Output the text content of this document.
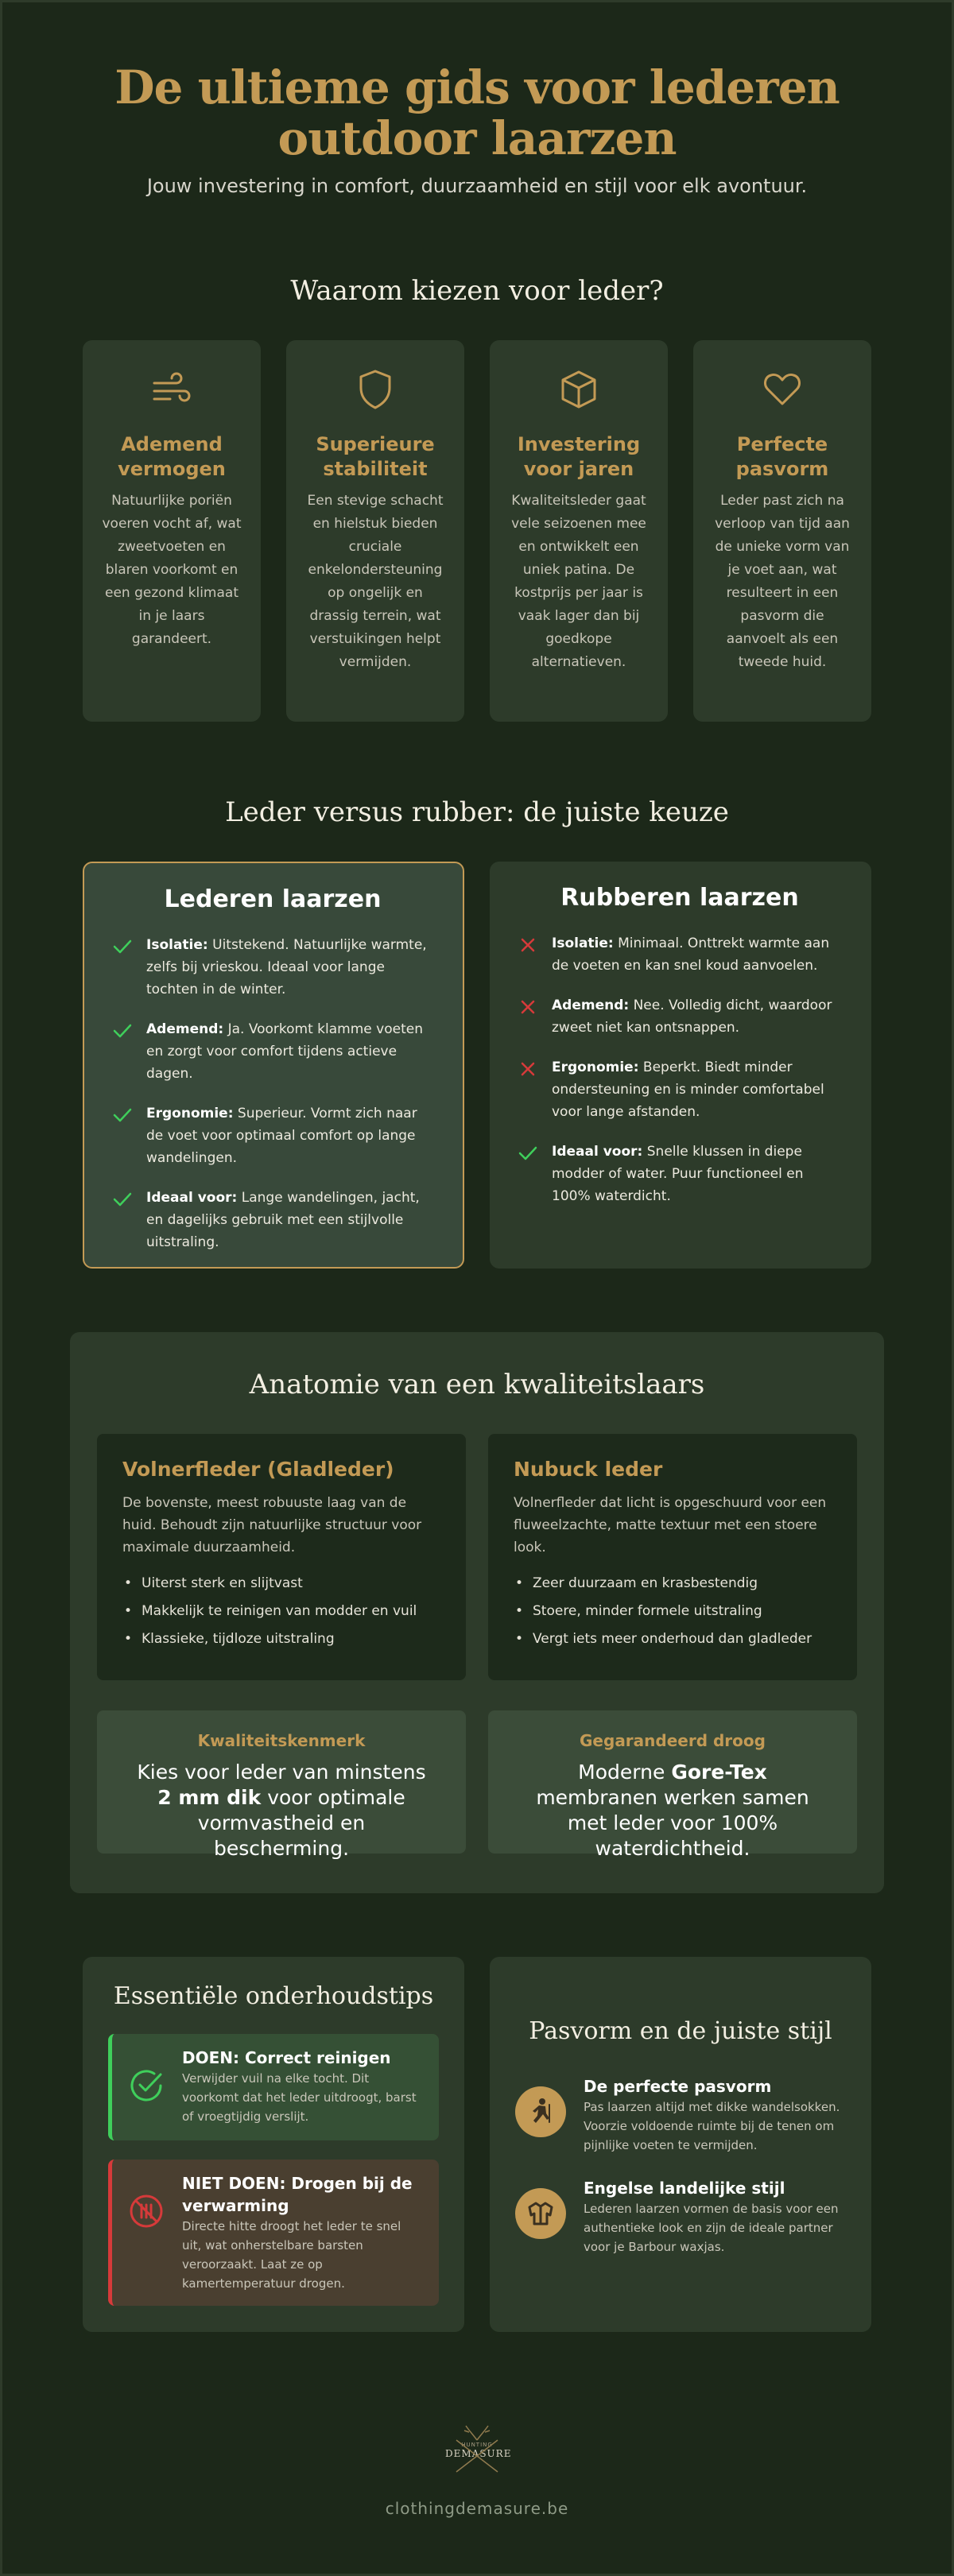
De ultieme gids voor lederen
outdoor laarzen

Jouw investering in comfort, duurzaamheid en stijl voor elk avontuur.

Waarom kiezen voor leder?
Ademend vermogen

Natuurlijke poriën voeren vocht af, wat zweetvoeten en blaren voorkomt en een gezond klimaat in je laars garandeert.

Superieure stabiliteit

Een stevige schacht en hielstuk bieden cruciale enkelondersteuning op ongelijk en drassig terrein, wat verstuikingen helpt vermijden.

Investering voor jaren

Kwaliteitsleder gaat vele seizoenen mee en ontwikkelt een uniek patina. De kostprijs per jaar is vaak lager dan bij goedkope alternatieven.

Perfecte pasvorm

Leder past zich na verloop van tijd aan de unieke vorm van je voet aan, wat resulteert in een pasvorm die aanvoelt als een tweede huid.

Leder versus rubber: de juiste keuze
Lederen laarzen
Isolatie: Uitstekend. Natuurlijke warmte, zelfs bij vrieskou. Ideaal voor lange tochten in de winter.
Ademend: Ja. Voorkomt klamme voeten en zorgt voor comfort tijdens actieve dagen.
Ergonomie: Superieur. Vormt zich naar de voet voor optimaal comfort op lange wandelingen.
Ideaal voor: Lange wandelingen, jacht, en dagelijks gebruik met een stijlvolle uitstraling.
Rubberen laarzen
Isolatie: Minimaal. Onttrekt warmte aan de voeten en kan snel koud aanvoelen.
Ademend: Nee. Volledig dicht, waardoor zweet niet kan ontsnappen.
Ergonomie: Beperkt. Biedt minder ondersteuning en is minder comfortabel voor lange afstanden.
Ideaal voor: Snelle klussen in diepe modder of water. Puur functioneel en 100% waterdicht.
Anatomie van een kwaliteitslaars
Volnerfleder (Gladleder)

De bovenste, meest robuuste laag van de huid. Behoudt zijn natuurlijke structuur voor maximale duurzaamheid.

• Uiterst sterk en slijtvast
• Makkelijk te reinigen van modder en vuil
• Klassieke, tijdloze uitstraling
Nubuck leder

Volnerfleder dat licht is opgeschuurd voor een fluweelzachte, matte textuur met een stoere look.

• Zeer duurzaam en krasbestendig
• Stoere, minder formele uitstraling
• Vergt iets meer onderhoud dan gladleder
Kwaliteitskenmerk
Kies voor leder van minstens 2 mm dik voor optimale vormvastheid en bescherming.
Gegarandeerd droog
Moderne Gore-Tex membranen werken samen met leder voor 100% waterdichtheid.
Essentiële onderhoudstips
DOEN: Correct reinigen

Verwijder vuil na elke tocht. Dit voorkomt dat het leder uitdroogt, barst of vroegtijdig verslijt.

NIET DOEN: Drogen bij de verwarming

Directe hitte droogt het leder te snel uit, wat onherstelbare barsten veroorzaakt. Laat ze op kamertemperatuur drogen.

Pasvorm en de juiste stijl
De perfecte pasvorm

Pas laarzen altijd met dikke wandelsokken. Voorzie voldoende ruimte bij de tenen om pijnlijke voeten te vermijden.

Engelse landelijke stijl

Lederen laarzen vormen de basis voor een authentieke look en zijn de ideale partner voor je Barbour waxjas.

HUNTING
DEMASURE
clothingdemasure.be
